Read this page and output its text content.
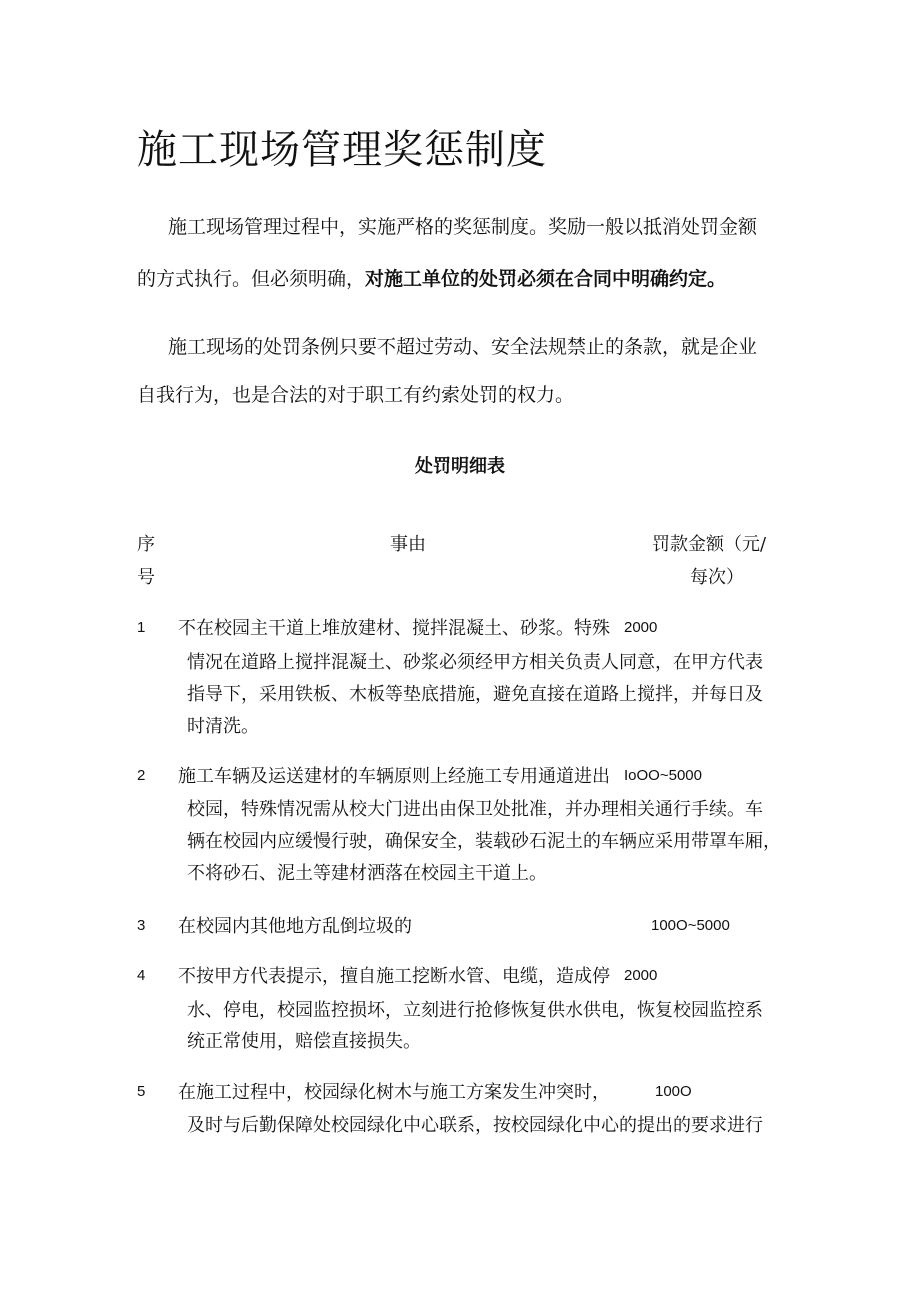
施工现场管理奖惩制度
施工现场管理过程中，实施严格的奖惩制度。奖励一般以抵消处罚金额
的方式执行。但必须明确，对施工单位的处罚必须在合同中明确约定。
施工现场的处罚条例只要不超过劳动、安全法规禁止的条款，就是企业
自我行为，也是合法的对于职工有约索处罚的权力。
处罚明细表
序
号
事由	罚款金额（元/
每次）
1 不在校园主干道上堆放建材、搅拌混凝土、砂浆。特殊 2000
情况在道路上搅拌混凝土、砂浆必须经甲方相关负责人同意，在甲方代表
指导下，采用铁板、木板等垫底措施，避免直接在道路上搅拌，并每日及
时清洗。
2 施工车辆及运送建材的车辆原则上经施工专用通道进出 IoOO~5000
校园，特殊情况需从校大门进出由保卫处批准，并办理相关通行手续。车
辆在校园内应缓慢行驶，确保安全，装载砂石泥土的车辆应采用带罩车厢，
不将砂石、泥土等建材洒落在校园主干道上。
3 在校园内其他地方乱倒垃圾的	100O~5000
4 不按甲方代表提示，擅自施工挖断水管、电缆，造成停 2000
水、停电，校园监控损坏，立刻进行抢修恢复供水供电，恢复校园监控系
统正常使用，赔偿直接损失。
5 在施工过程中，校园绿化树木与施工方案发生冲突时，	100O
及时与后勤保障处校园绿化中心联系，按校园绿化中心的提出的要求进行
